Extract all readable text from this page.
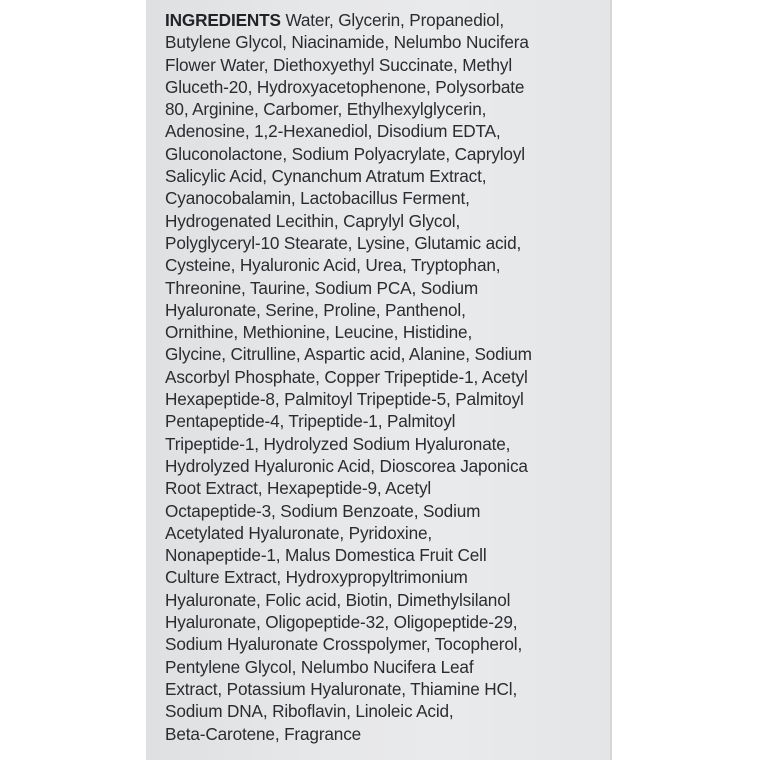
INGREDIENTS Water, Glycerin, Propanediol,
Butylene Glycol, Niacinamide, Nelumbo Nucifera
Flower Water, Diethoxyethyl Succinate, Methyl
Gluceth-20, Hydroxyacetophenone, Polysorbate
80, Arginine, Carbomer, Ethylhexylglycerin,
Adenosine, 1,2-Hexanediol, Disodium EDTA,
Gluconolactone, Sodium Polyacrylate, Capryloyl
Salicylic Acid, Cynanchum Atratum Extract,
Cyanocobalamin, Lactobacillus Ferment,
Hydrogenated Lecithin, Caprylyl Glycol,
Polyglyceryl-10 Stearate, Lysine, Glutamic acid,
Cysteine, Hyaluronic Acid, Urea, Tryptophan,
Threonine, Taurine, Sodium PCA, Sodium
Hyaluronate, Serine, Proline, Panthenol,
Ornithine, Methionine, Leucine, Histidine,
Glycine, Citrulline, Aspartic acid, Alanine, Sodium
Ascorbyl Phosphate, Copper Tripeptide-1, Acetyl
Hexapeptide-8, Palmitoyl Tripeptide-5, Palmitoyl
Pentapeptide-4, Tripeptide-1, Palmitoyl
Tripeptide-1, Hydrolyzed Sodium Hyaluronate,
Hydrolyzed Hyaluronic Acid, Dioscorea Japonica
Root Extract, Hexapeptide-9, Acetyl
Octapeptide-3, Sodium Benzoate, Sodium
Acetylated Hyaluronate, Pyridoxine,
Nonapeptide-1, Malus Domestica Fruit Cell
Culture Extract, Hydroxypropyltrimonium
Hyaluronate, Folic acid, Biotin, Dimethylsilanol
Hyaluronate, Oligopeptide-32, Oligopeptide-29,
Sodium Hyaluronate Crosspolymer, Tocopherol,
Pentylene Glycol, Nelumbo Nucifera Leaf
Extract, Potassium Hyaluronate, Thiamine HCl,
Sodium DNA, Riboflavin, Linoleic Acid,
Beta-Carotene, Fragrance
